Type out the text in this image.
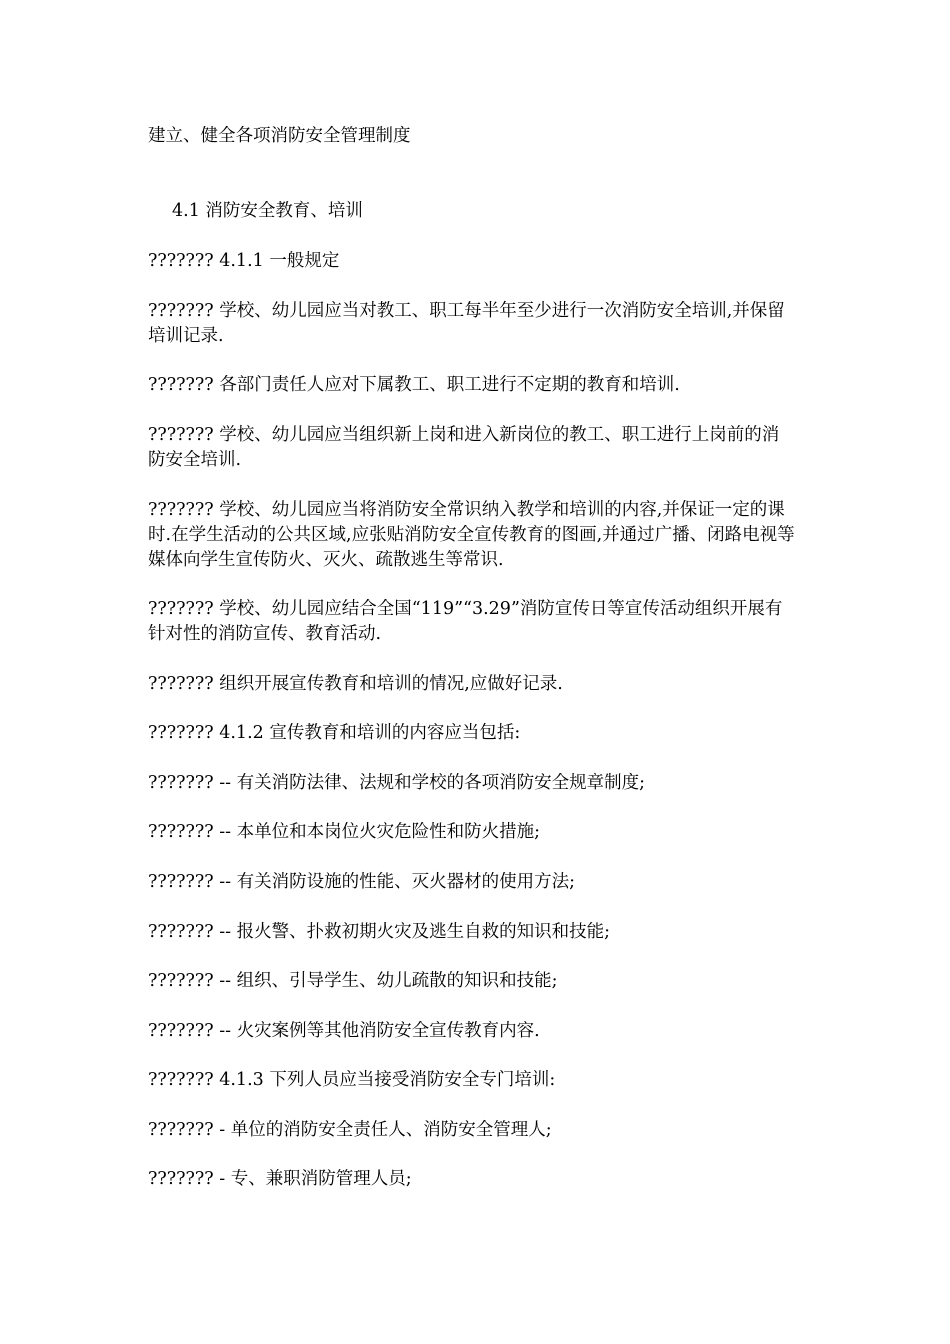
建立、健全各项消防安全管理制度

4.1 消防安全教育、培训

??????? 4.1.1 一般规定

??????? 学校、幼儿园应当对教工、职工每半年至少进行一次消防安全培训,并保留培训记录.

??????? 各部门责任人应对下属教工、职工进行不定期的教育和培训.

??????? 学校、幼儿园应当组织新上岗和进入新岗位的教工、职工进行上岗前的消防安全培训.

??????? 学校、幼儿园应当将消防安全常识纳入教学和培训的内容,并保证一定的课时.在学生活动的公共区域,应张贴消防安全宣传教育的图画,并通过广播、闭路电视等媒体向学生宣传防火、灭火、疏散逃生等常识.

??????? 学校、幼儿园应结合全国“119”“3.29”消防宣传日等宣传活动组织开展有针对性的消防宣传、教育活动.

??????? 组织开展宣传教育和培训的情况,应做好记录.

??????? 4.1.2 宣传教育和培训的内容应当包括:

??????? -- 有关消防法律、法规和学校的各项消防安全规章制度;

??????? -- 本单位和本岗位火灾危险性和防火措施;

??????? -- 有关消防设施的性能、灭火器材的使用方法;

??????? -- 报火警、扑救初期火灾及逃生自救的知识和技能;

??????? -- 组织、引导学生、幼儿疏散的知识和技能;

??????? -- 火灾案例等其他消防安全宣传教育内容.

??????? 4.1.3 下列人员应当接受消防安全专门培训:

??????? - 单位的消防安全责任人、消防安全管理人;

??????? - 专、兼职消防管理人员;
